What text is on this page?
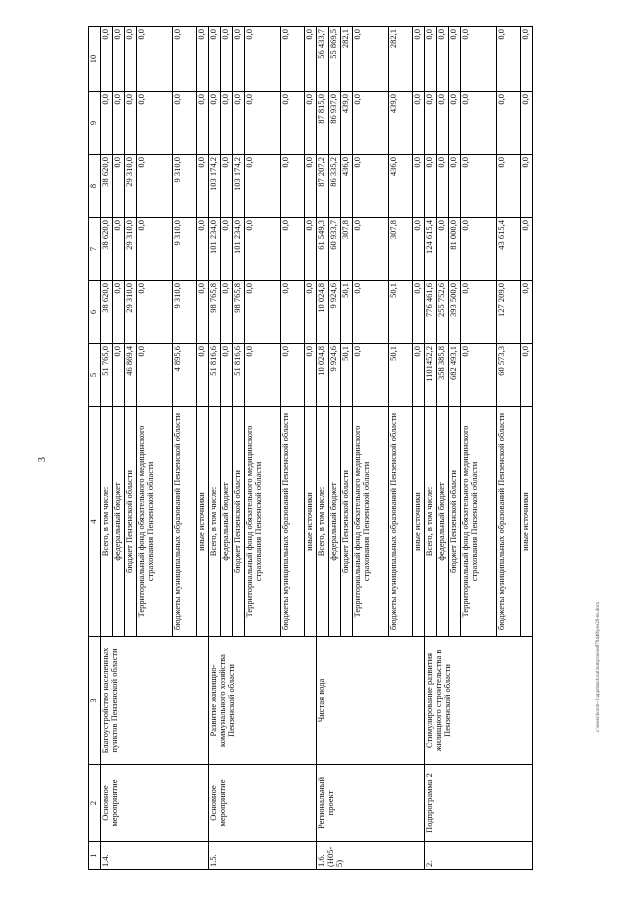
3
c:\users\borob~1\appdata\local\temp\notes879448\pos29-ns.docx
1	2	3	4	5	6	7	8	9	10
1.4.	Основное мероприятие	Благоустройство населенных пунктов Пензенской области	Всего, в том числе:	51 765,0	38 620,0	38 620,0	38 620,0	0,0	0,0
			федеральный бюджет	0,0	0,0	0,0	0,0	0,0	0,0
			бюджет Пензенской области	46 869,4	29 310,0	29 310,0	29 310,0	0,0	0,0
			Территориальный фонд обязательного медицинского страхования Пензенской области	0,0	0,0	0,0	0,0	0,0	0,0
			бюджеты муниципальных образований Пензенской области	4 895,6	9 310,0	9 310,0	9 310,0	0,0	0,0
			иные источники	0,0	0,0	0,0	0,0	0,0	0,0
1.5.	Основное мероприятие	Развитие жилищно-коммунального хозяйства Пензенской области	Всего, в том числе:	51 816,6	98 765,8	101 234,0	103 174,2	0,0	0,0
			федеральный бюджет	0,0	0,0	0,0	0,0	0,0	0,0
			бюджет Пензенской области	51 816,6	98 765,8	101 234,0	103 174,2	0,0	0,0
			Территориальный фонд обязательного медицинского страхования Пензенской области	0,0	0,0	0,0	0,0	0,0	0,0
			бюджеты муниципальных образований Пензенской области	0,0	0,0	0,0	0,0	0,0	0,0
			иные источники	0,0	0,0	0,0	0,0	0,0	0,0
1.6. (Н05-5)	Региональный проект	Чистая вода	Всего, в том числе:	10 024,8	10 024,8	61 549,3	87 207,2	87 815,0	56 433,7
			федеральный бюджет	9 924,6	9 924,6	60 933,7	86 335,2	86 937,0	55 869,5
			бюджет Пензенской области	50,1	50,1	307,8	436,0	439,0	282,1
			Территориальный фонд обязательного медицинского страхования Пензенской области	0,0	0,0	0,0	0,0	0,0	0,0
			бюджеты муниципальных образований Пензенской области	50,1	50,1	307,8	436,0	439,0	282,1
			иные источники	0,0	0,0	0,0	0,0	0,0	0,0
2.	Подпрограмма 2	Стимулирование развития жилищного строительства в Пензенской области	Всего, в том числе:	1101452,2	776 461,6	124 615,4	0,0	0,0	0,0
			федеральный бюджет	358 385,8	255 752,6	0,0	0,0	0,0	0,0
			бюджет Пензенской области	682 493,1	393 500,0	81 000,0	0,0	0,0	0,0
			Территориальный фонд обязательного медицинского страхования Пензенской области	0,0	0,0	0,0	0,0	0,0	0,0
			бюджеты муниципальных образований Пензенской области	60 573,3	127 209,0	43 615,4	0,0	0,0	0,0
			иные источники	0,0	0,0	0,0	0,0	0,0	0,0
